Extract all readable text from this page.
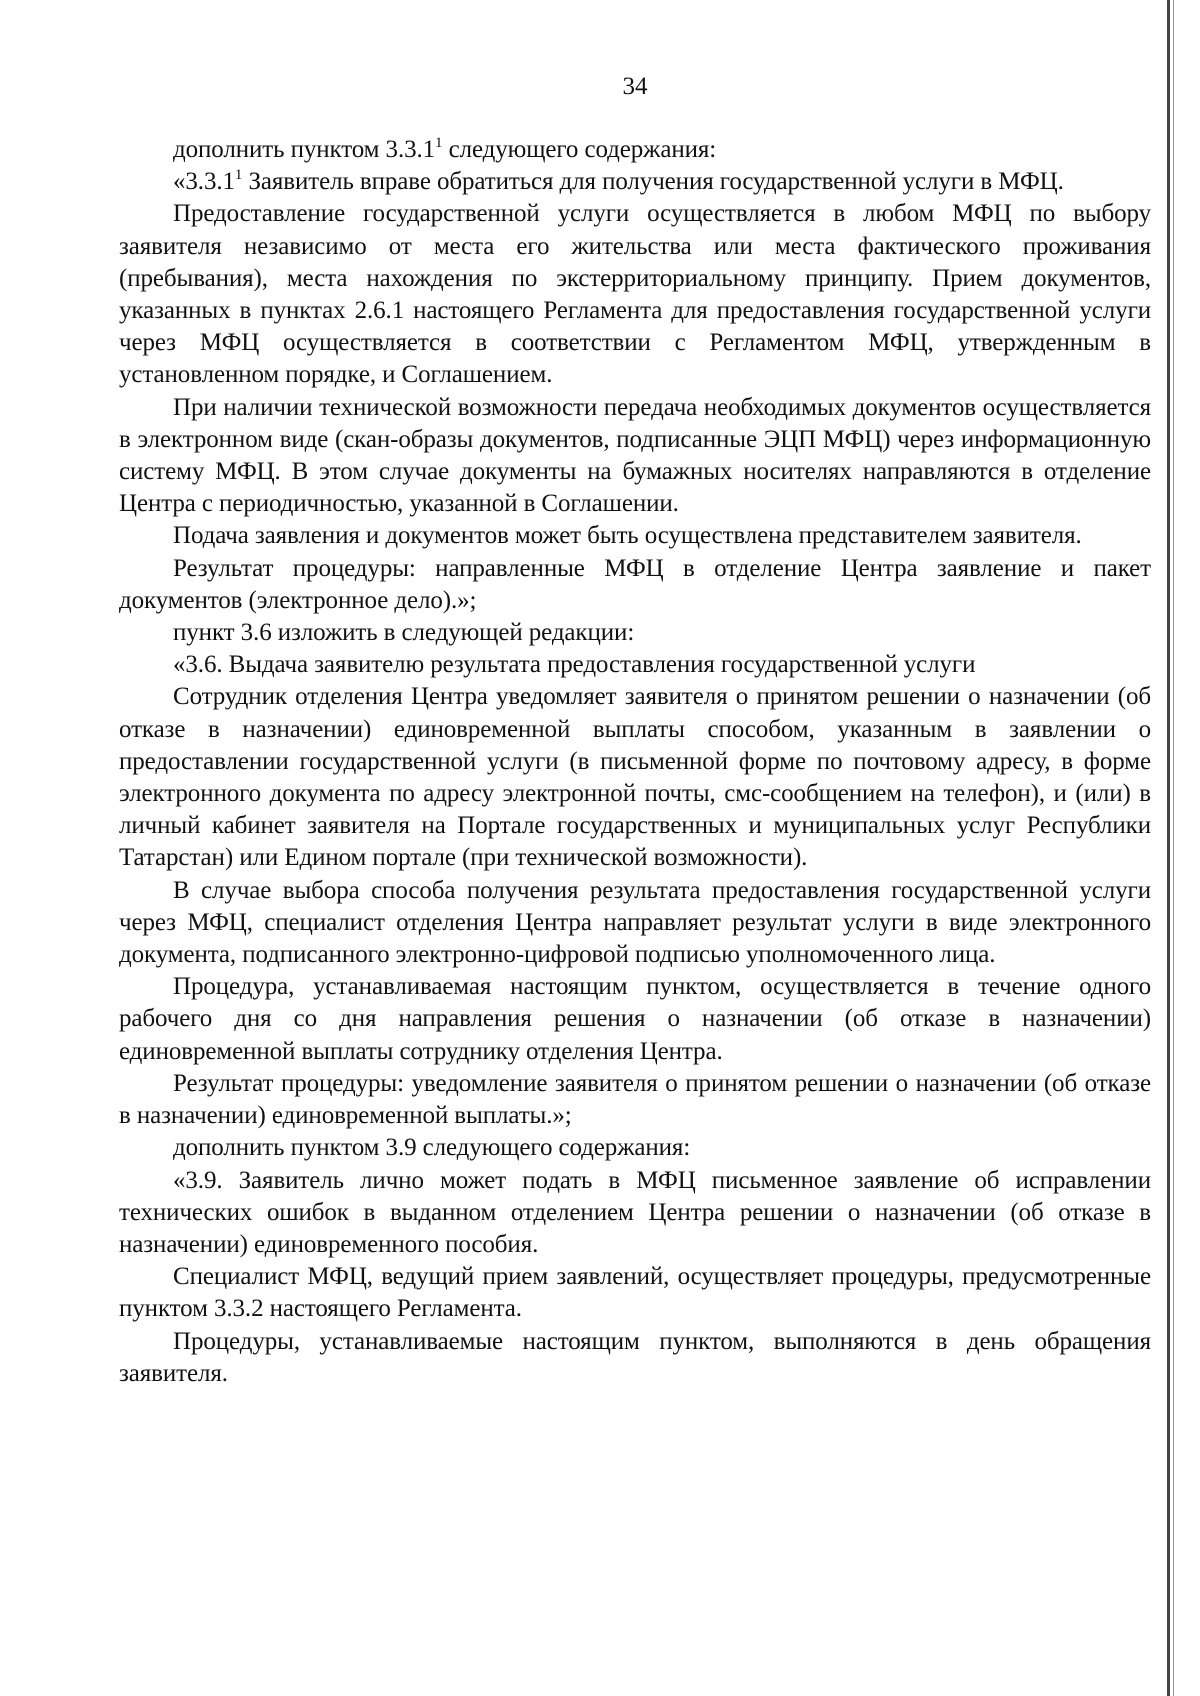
34

дополнить пунктом 3.3.1$^1$ следующего содержания:

«3.3.1$^1$ Заявитель вправе обратиться для получения государственной услуги в МФЦ.

Предоставление государственной услуги осуществляется в любом МФЦ по выбору заявителя независимо от места его жительства или места фактического проживания (пребывания), места нахождения по экстерриториальному принципу. Прием документов, указанных в пунктах 2.6.1 настоящего Регламента для предоставления государственной услуги через МФЦ осуществляется в соответствии с Регламентом МФЦ, утвержденным в установленном порядке, и Соглашением.

При наличии технической возможности передача необходимых документов осуществляется в электронном виде (скан-образы документов, подписанные ЭЦП МФЦ) через информационную систему МФЦ. В этом случае документы на бумажных носителях направляются в отделение Центра с периодичностью, указанной в Соглашении.

Подача заявления и документов может быть осуществлена представителем заявителя.

Результат процедуры: направленные МФЦ в отделение Центра заявление и пакет документов (электронное дело).»;

пункт 3.6 изложить в следующей редакции:

«3.6. Выдача заявителю результата предоставления государственной услуги

Сотрудник отделения Центра уведомляет заявителя о принятом решении о назначении (об отказе в назначении) единовременной выплаты способом, указанным в заявлении о предоставлении государственной услуги (в письменной форме по почтовому адресу, в форме электронного документа по адресу электронной почты, смс-сообщением на телефон), и (или) в личный кабинет заявителя на Портале государственных и муниципальных услуг Республики Татарстан) или Едином портале (при технической возможности).

В случае выбора способа получения результата предоставления государственной услуги через МФЦ, специалист отделения Центра направляет результат услуги в виде электронного документа, подписанного электронно-цифровой подписью уполномоченного лица.

Процедура, устанавливаемая настоящим пунктом, осуществляется в течение одного рабочего дня со дня направления решения о назначении (об отказе в назначении) единовременной выплаты сотруднику отделения Центра.

Результат процедуры: уведомление заявителя о принятом решении о назначении (об отказе в назначении) единовременной выплаты.»;

дополнить пунктом 3.9 следующего содержания:

«3.9. Заявитель лично может подать в МФЦ письменное заявление об исправлении технических ошибок в выданном отделением Центра решении о назначении (об отказе в назначении) единовременного пособия.

Специалист МФЦ, ведущий прием заявлений, осуществляет процедуры, предусмотренные пунктом 3.3.2 настоящего Регламента.

Процедуры, устанавливаемые настоящим пунктом, выполняются в день обращения заявителя.
